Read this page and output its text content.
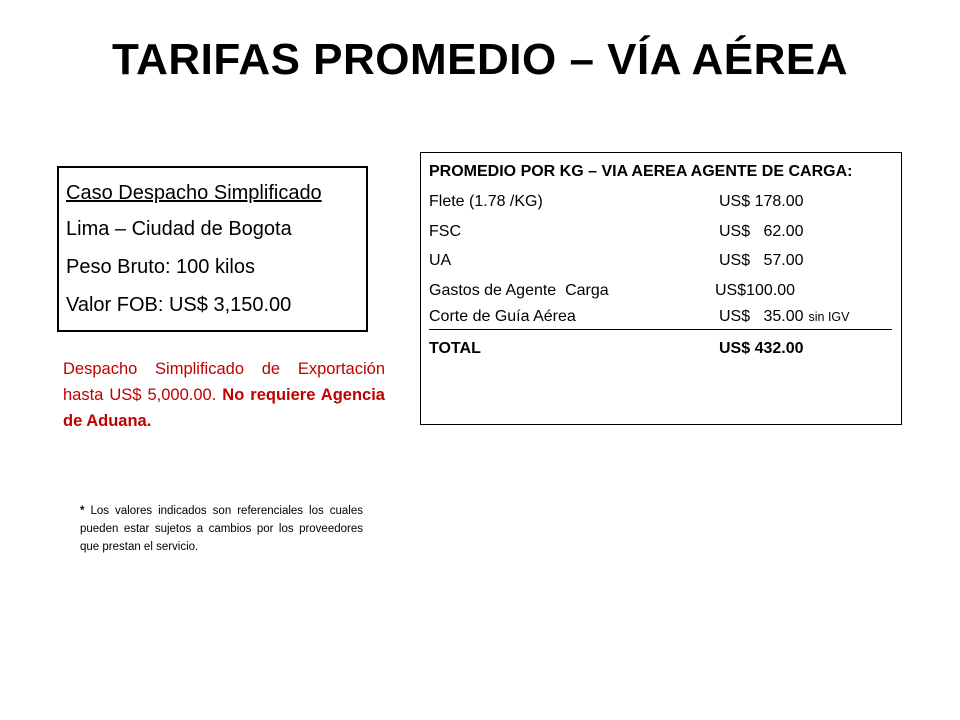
TARIFAS PROMEDIO – VÍA AÉREA
Caso Despacho Simplificado
Lima – Ciudad de Bogota
Peso Bruto: 100 kilos
Valor FOB: US$ 3,150.00
Despacho Simplificado de Exportación hasta US$ 5,000.00. No requiere Agencia de Aduana.
* Los valores indicados son referenciales los cuales pueden estar sujetos a cambios por los proveedores que prestan el servicio.
PROMEDIO POR KG – VIA AEREA AGENTE DE CARGA:
Flete (1.78 /KG)	US$ 178.00
FSC	US$   62.00
UA	US$   57.00
Gastos de Agente  Carga	US$100.00
Corte de Guía Aérea	US$   35.00 sin IGV
TOTAL	US$ 432.00
